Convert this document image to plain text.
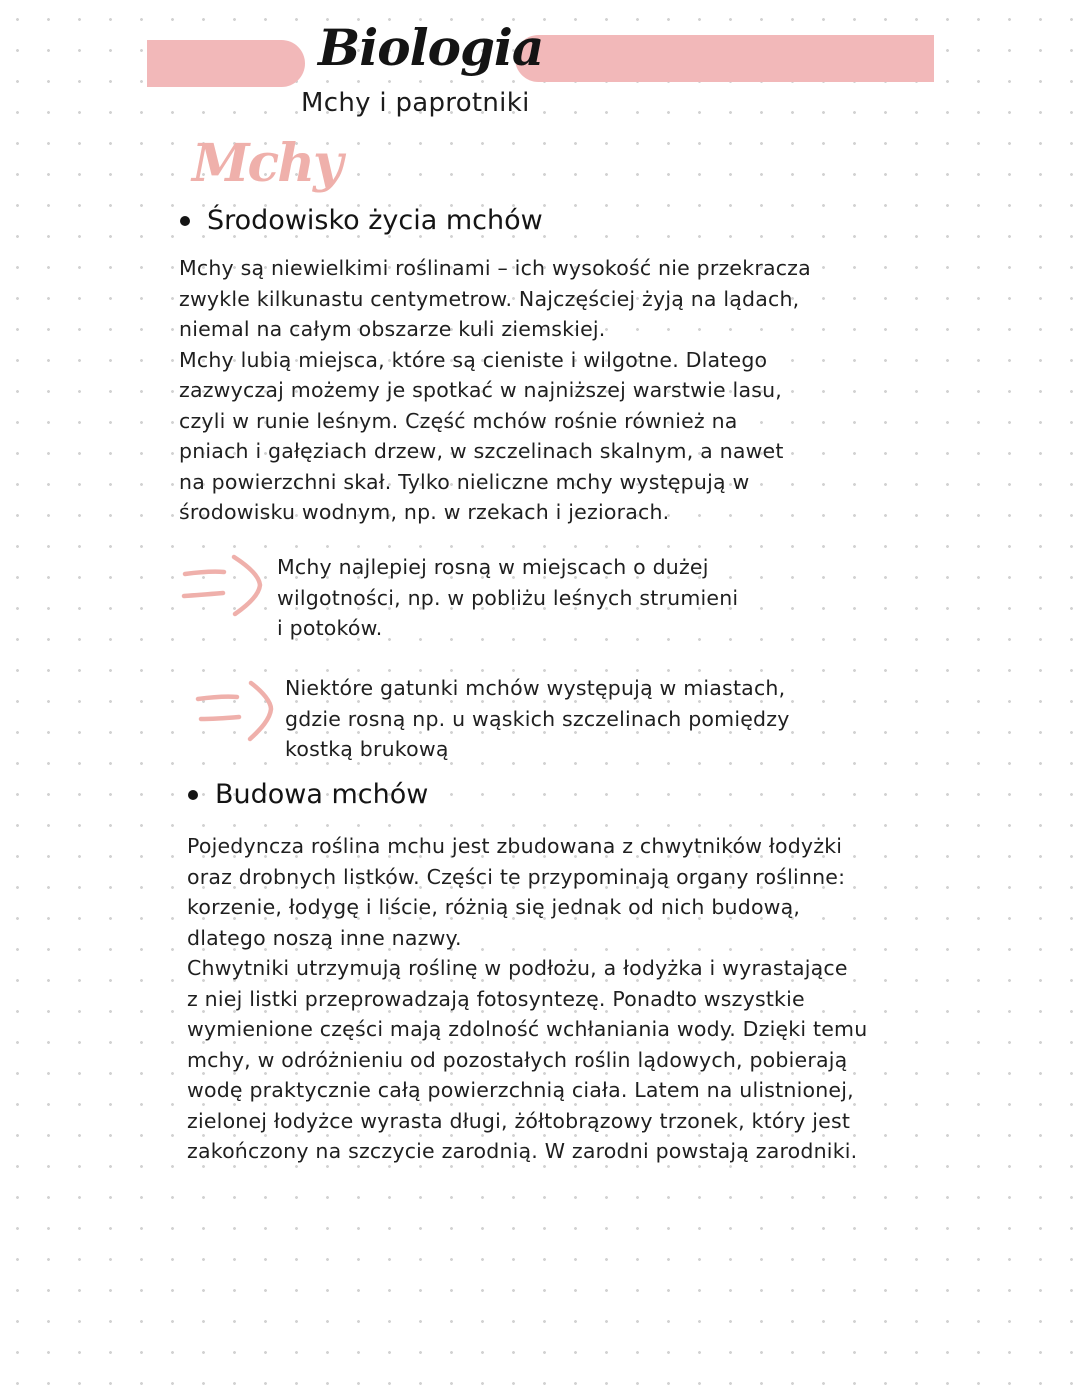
Biologia
Mchy i paprotniki
Mchy
Środowisko życia mchów

Mchy są niewielkimi roślinami – ich wysokość nie przekracza
zwykle kilkunastu centymetrow. Najczęściej żyją na lądach,
niemal na całym obszarze kuli ziemskiej.
Mchy lubią miejsca, które są cieniste i wilgotne. Dlatego
zazwyczaj możemy je spotkać w najniższej warstwie lasu,
czyli w runie leśnym. Część mchów rośnie również na
pniach i gałęziach drzew, w szczelinach skalnym, a nawet
na powierzchni skał. Tylko nieliczne mchy występują w
środowisku wodnym, np. w rzekach i jeziorach.

Mchy najlepiej rosną w miejscach o dużej
wilgotności, np. w pobliżu leśnych strumieni
i potoków.

Niektóre gatunki mchów występują w miastach,
gdzie rosną np. u wąskich szczelinach pomiędzy
kostką brukową

Budowa mchów

Pojedyncza roślina mchu jest zbudowana z chwytników łodyżki
oraz drobnych listków. Części te przypominają organy roślinne:
korzenie, łodygę i liście, różnią się jednak od nich budową,
dlatego noszą inne nazwy.
Chwytniki utrzymują roślinę w podłożu, a łodyżka i wyrastające
z niej listki przeprowadzają fotosyntezę. Ponadto wszystkie
wymienione części mają zdolność wchłaniania wody. Dzięki temu
mchy, w odróżnieniu od pozostałych roślin lądowych, pobierają
wodę praktycznie całą powierzchnią ciała. Latem na ulistnionej,
zielonej łodyżce wyrasta długi, żółtobrązowy trzonek, który jest
zakończony na szczycie zarodnią. W zarodni powstają zarodniki.
